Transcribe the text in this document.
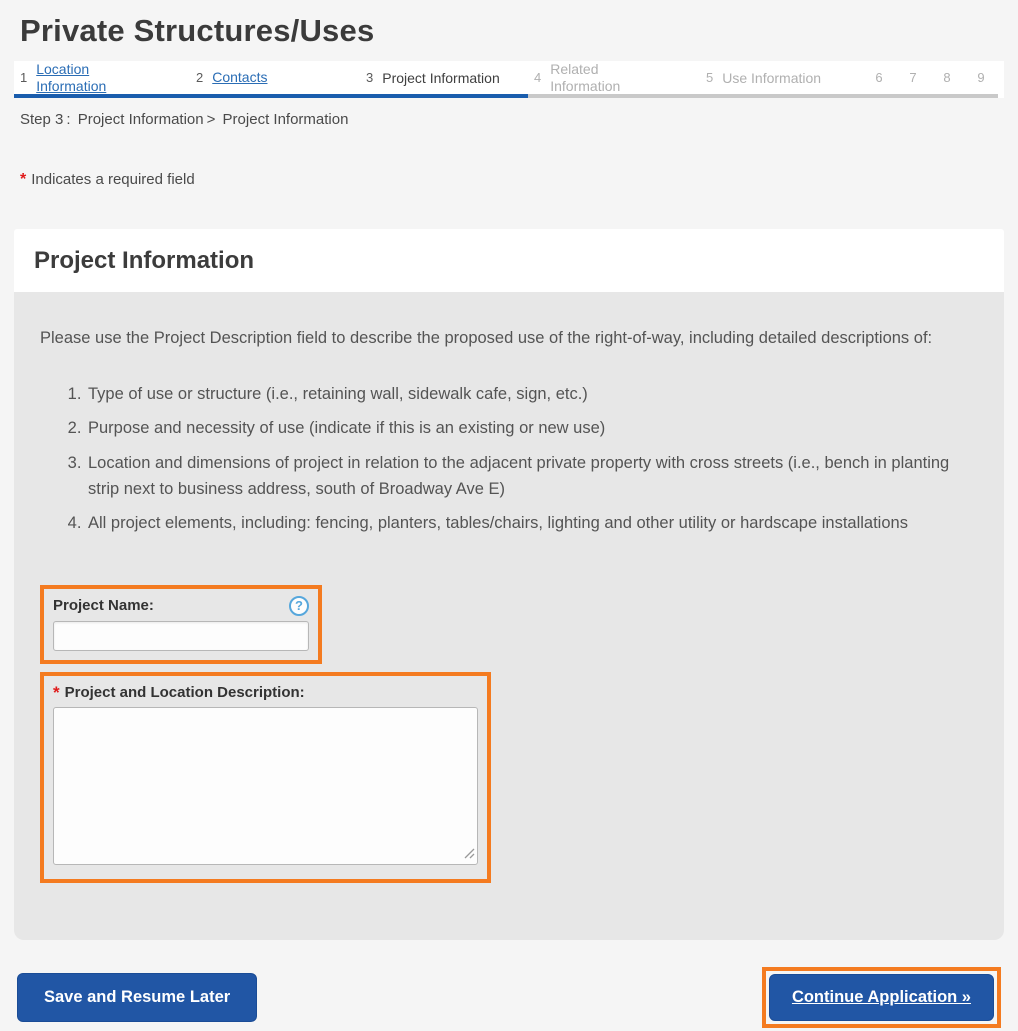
Private Structures/Uses
1
Location Information	2 Contacts	3 Project Information	4
Related Information	5 Use Information	6 7 8 9
Step 3 : Project Information > Project Information
* Indicates a required field
Project Information

Please use the Project Description field to describe the proposed use of the right-of-way, including detailed descriptions of:

1. Type of use or structure (i.e., retaining wall, sidewalk cafe, sign, etc.)
2. Purpose and necessity of use (indicate if this is an existing or new use)
3. Location and dimensions of project in relation to the adjacent private property with cross streets (i.e., bench in planting strip next to business address, south of Broadway Ave E)
4. All project elements, including: fencing, planters, tables/chairs, lighting and other utility or hardscape installations
Project Name:	?
* Project and Location Description:
Save and Resume Later	Continue Application »
